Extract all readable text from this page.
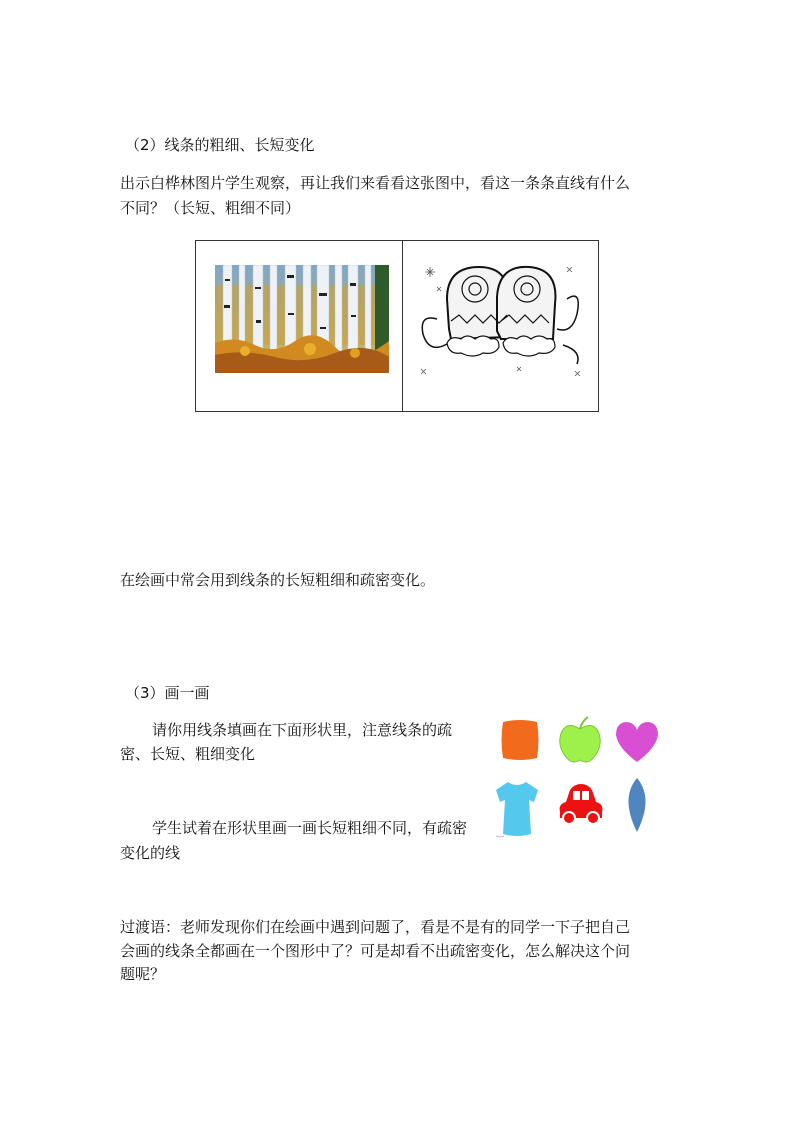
（2）线条的粗细、长短变化
出示白桦林图片学生观察，再让我们来看看这张图中，看这一条条直线有什么
不同？（长短、粗细不同）

在绘画中常会用到线条的长短粗细和疏密变化。
（3）画一画
请你用线条填画在下面形状里，注意线条的疏
密、长短、粗细变化
学生试着在形状里画一画长短粗细不同，有疏密
变化的线
过渡语：老师发现你们在绘画中遇到问题了，看是不是有的同学一下子把自己
会画的线条全都画在一个图形中了？可是却看不出疏密变化，怎么解决这个问
题呢？
